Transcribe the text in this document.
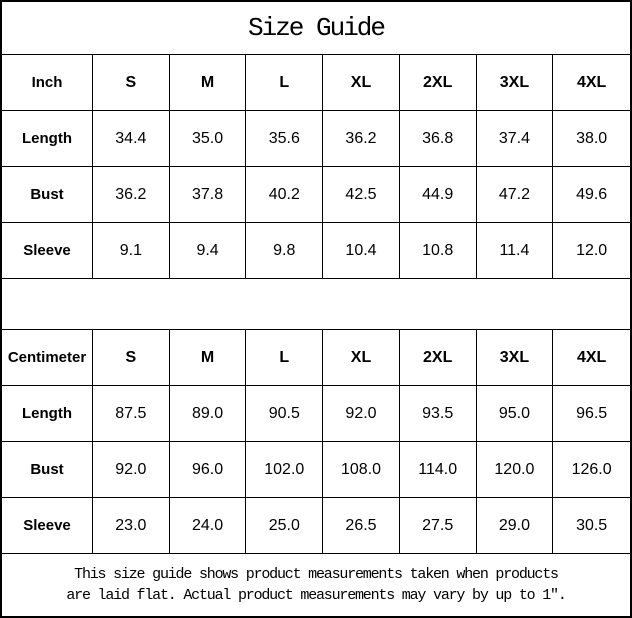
Size Guide
Inch	S	M	L	XL	2XL	3XL	4XL
Length	34.4	35.0	35.6	36.2	36.8	37.4	38.0
Bust	36.2	37.8	40.2	42.5	44.9	47.2	49.6
Sleeve	9.1	9.4	9.8	10.4	10.8	11.4	12.0
Centimeter	S	M	L	XL	2XL	3XL	4XL
Length	87.5	89.0	90.5	92.0	93.5	95.0	96.5
Bust	92.0	96.0	102.0	108.0	114.0	120.0	126.0
Sleeve	23.0	24.0	25.0	26.5	27.5	29.0	30.5
This size guide shows product measurements taken when products
are laid flat. Actual product measurements may vary by up to 1″.
